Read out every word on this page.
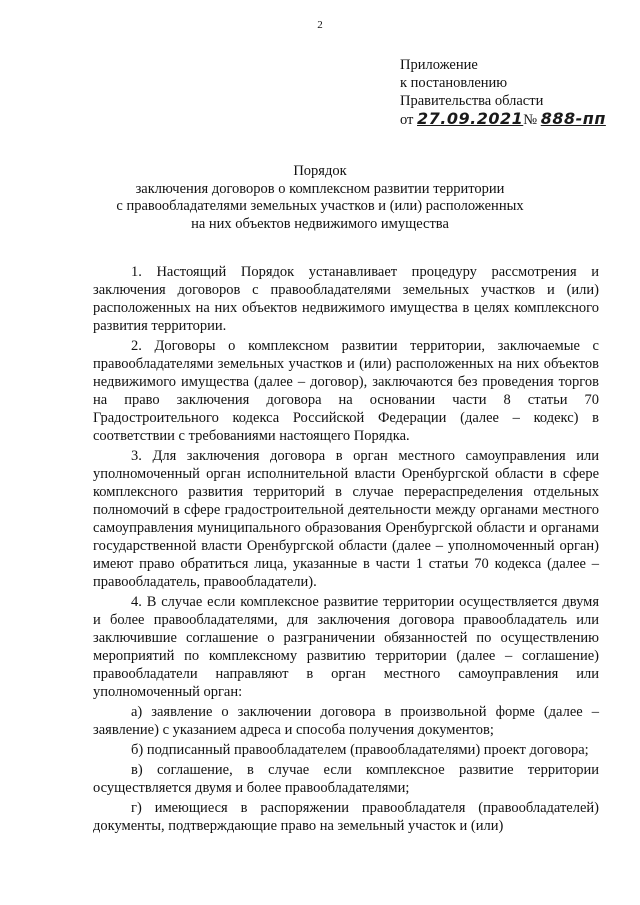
2
Приложение
к постановлению
Правительства области
от 27.09.2021№ 888-пп
Порядок
заключения договоров о комплексном развитии территории
с правообладателями земельных участков и (или) расположенных
на них объектов недвижимого имущества

1. Настоящий Порядок устанавливает процедуру рассмотрения и заключения договоров с правообладателями земельных участков и (или) расположенных на них объектов недвижимого имущества в целях комплексного развития территории.

2. Договоры о комплексном развитии территории, заключаемые с правообладателями земельных участков и (или) расположенных на них объектов недвижимого имущества (далее – договор), заключаются без проведения торгов на право заключения договора на основании части 8 статьи 70 Градостроительного кодекса Российской Федерации (далее – кодекс) в соответствии с требованиями настоящего Порядка.

3. Для заключения договора в орган местного самоуправления или уполномоченный орган исполнительной власти Оренбургской области в сфере комплексного развития территорий в случае перераспределения отдельных полномочий в сфере градостроительной деятельности между органами местного самоуправления муниципального образования Оренбургской области и органами государственной власти Оренбургской области (далее – уполномоченный орган) имеют право обратиться лица, указанные в части 1 статьи 70 кодекса (далее – правообладатель, правообладатели).

4. В случае если комплексное развитие территории осуществляется двумя и более правообладателями, для заключения договора правообладатель или заключившие соглашение о разграничении обязанностей по осуществлению мероприятий по комплексному развитию территории (далее – соглашение) правообладатели направляют в орган местного самоуправления или уполномоченный орган:

а) заявление о заключении договора в произвольной форме (далее – заявление) с указанием адреса и способа получения документов;

б) подписанный правообладателем (правообладателями) проект договора;

в) соглашение, в случае если комплексное развитие территории осуществляется двумя и более правообладателями;

г) имеющиеся в распоряжении правообладателя (правообладателей) документы, подтверждающие право на земельный участок и (или)
